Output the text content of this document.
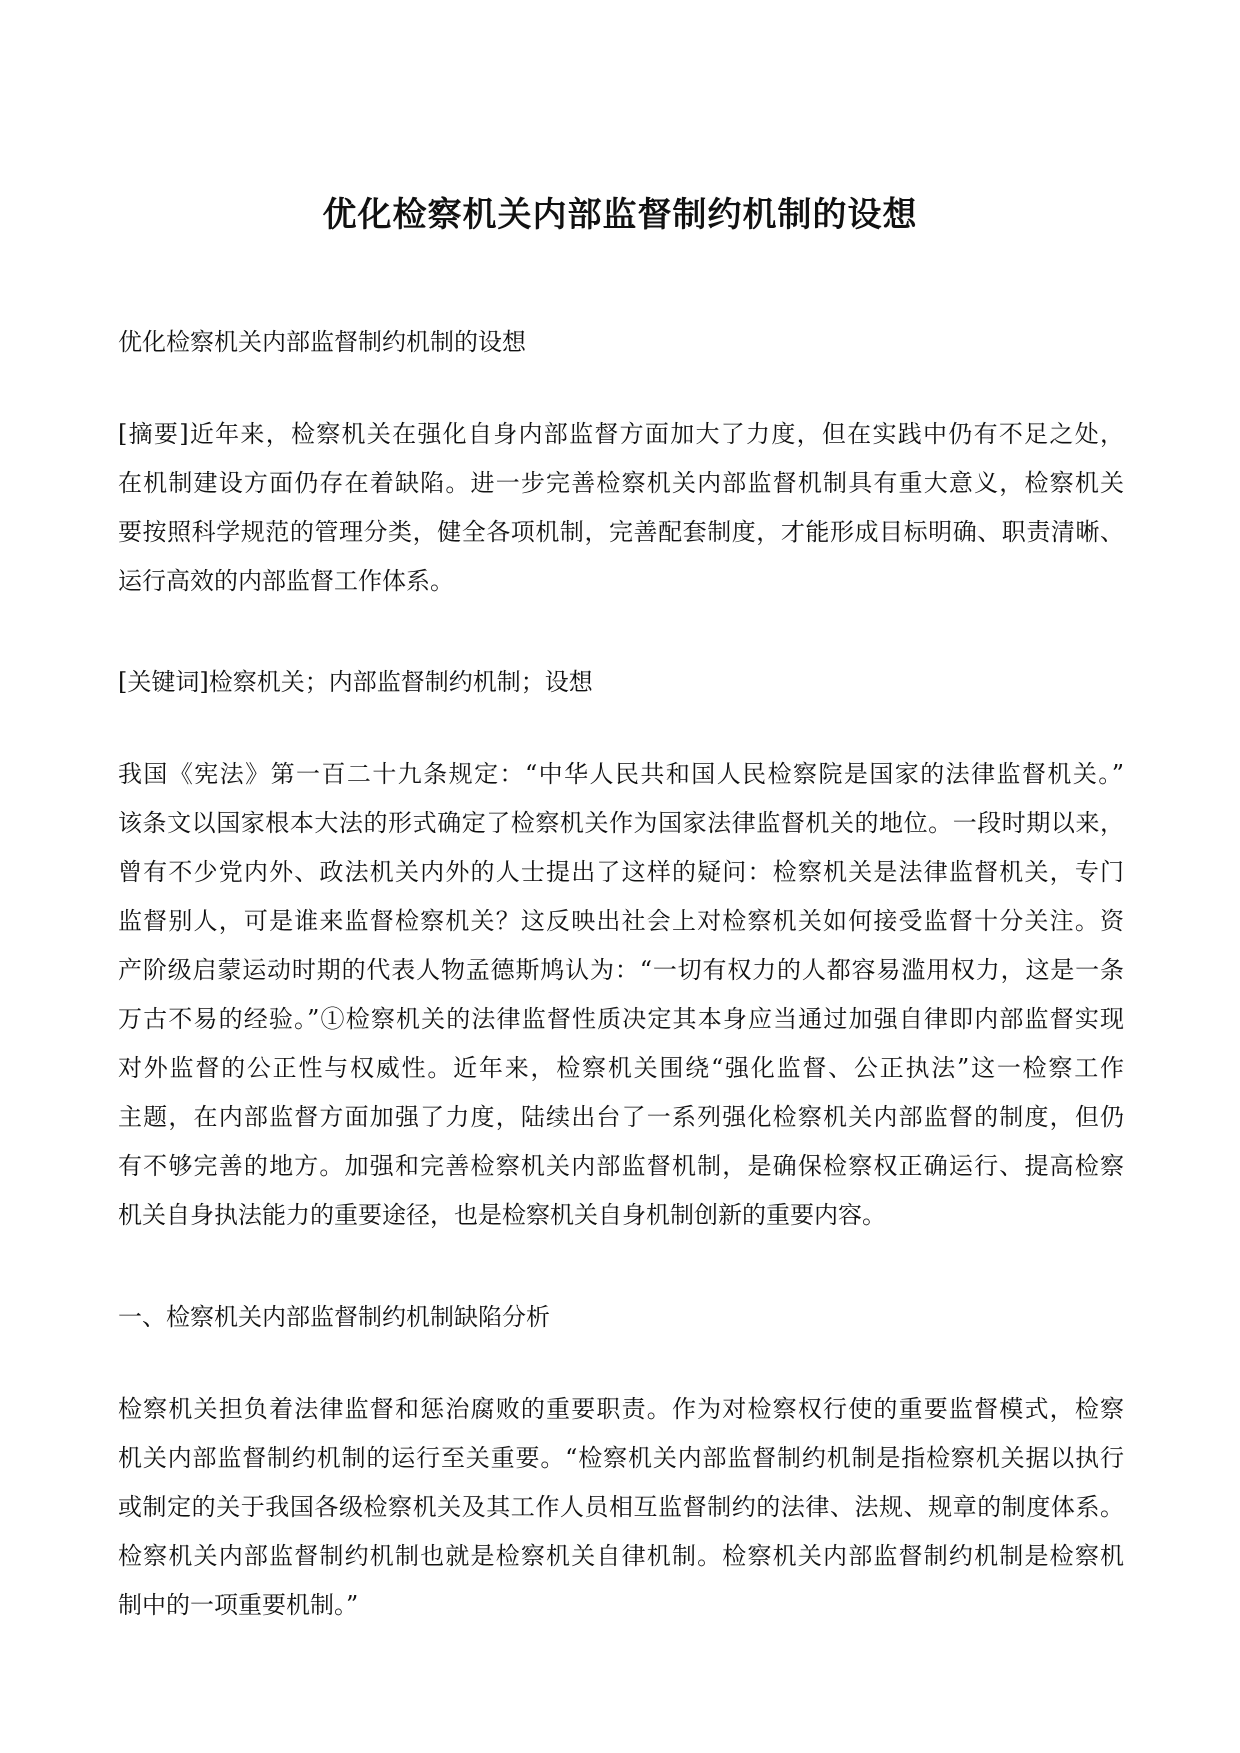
优化检察机关内部监督制约机制的设想

优化检察机关内部监督制约机制的设想

[摘要]近年来，检察机关在强化自身内部监督方面加大了力度，但在实践中仍有不足之处，
在机制建设方面仍存在着缺陷。进一步完善检察机关内部监督机制具有重大意义，检察机关
要按照科学规范的管理分类，健全各项机制，完善配套制度，才能形成目标明确、职责清晰、
运行高效的内部监督工作体系。

[关键词]检察机关；内部监督制约机制；设想

我国《宪法》第一百二十九条规定：“中华人民共和国人民检察院是国家的法律监督机关。”
该条文以国家根本大法的形式确定了检察机关作为国家法律监督机关的地位。一段时期以来，
曾有不少党内外、政法机关内外的人士提出了这样的疑问：检察机关是法律监督机关，专门
监督别人，可是谁来监督检察机关？这反映出社会上对检察机关如何接受监督十分关注。资
产阶级启蒙运动时期的代表人物孟德斯鸠认为：“一切有权力的人都容易滥用权力，这是一条
万古不易的经验。”①检察机关的法律监督性质决定其本身应当通过加强自律即内部监督实现
对外监督的公正性与权威性。近年来，检察机关围绕“强化监督、公正执法”这一检察工作
主题，在内部监督方面加强了力度，陆续出台了一系列强化检察机关内部监督的制度，但仍
有不够完善的地方。加强和完善检察机关内部监督机制，是确保检察权正确运行、提高检察
机关自身执法能力的重要途径，也是检察机关自身机制创新的重要内容。

一、检察机关内部监督制约机制缺陷分析

检察机关担负着法律监督和惩治腐败的重要职责。作为对检察权行使的重要监督模式，检察
机关内部监督制约机制的运行至关重要。“检察机关内部监督制约机制是指检察机关据以执行
或制定的关于我国各级检察机关及其工作人员相互监督制约的法律、法规、规章的制度体系。
检察机关内部监督制约机制也就是检察机关自律机制。检察机关内部监督制约机制是检察机
制中的一项重要机制。”
